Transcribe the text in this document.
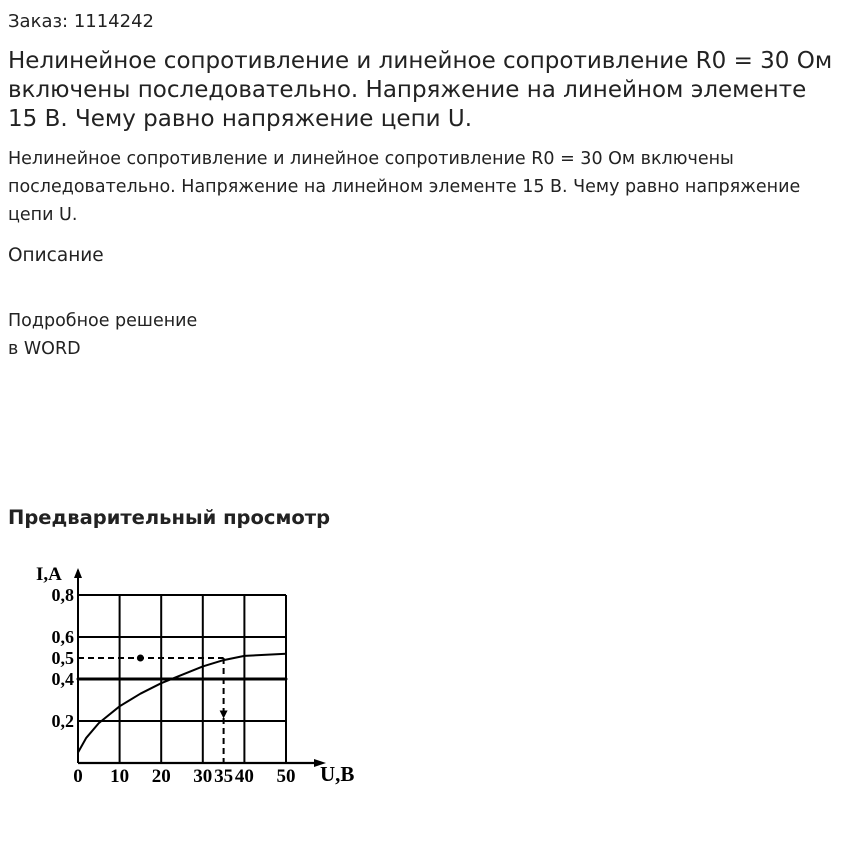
Заказ: 1114242
Нелинейное сопротивление и линейное сопротивление R0 = 30 Ом включены последовательно. Напряжение на линейном элементе 15 В. Чему равно напряжение цепи U.
Нелинейное сопротивление и линейное сопротивление R0 = 30 Ом включены последовательно. Напряжение на линейном элементе 15 В. Чему равно напряжение цепи U.
Описание
Подробное решение
в WORD
Предварительный просмотр
0 10 20 30 35 40 50
0,2
0,4
0,5
0,6
0,8
I,А
U,В
